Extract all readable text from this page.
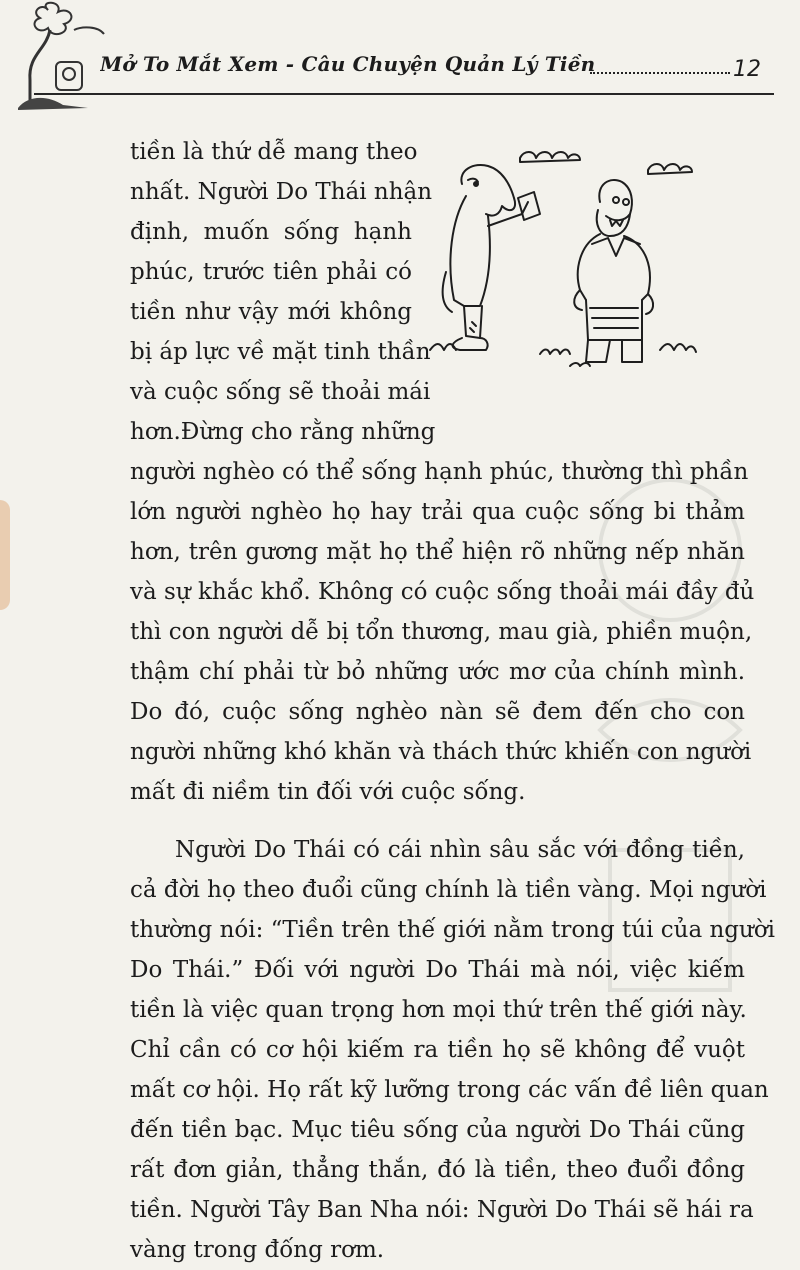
Mở To Mắt Xem - Câu Chuyện Quản Lý Tiền	12
tiền là thứ dễ mang theo
nhất. Người Do Thái nhận
định, muốn sống hạnh
phúc, trước tiên phải có
tiền như vậy mới không
bị áp lực về mặt tinh thần
và cuộc sống sẽ thoải mái
hơn.Đừng cho rằng những
người nghèo có thể sống hạnh phúc, thường thì phần
lớn người nghèo họ hay trải qua cuộc sống bi thảm
hơn, trên gương mặt họ thể hiện rõ những nếp nhăn
và sự khắc khổ. Không có cuộc sống thoải mái đầy đủ
thì con người dễ bị tổn thương, mau già, phiền muộn,
thậm chí phải từ bỏ những ước mơ của chính mình.
Do đó, cuộc sống nghèo nàn sẽ đem đến cho con
người những khó khăn và thách thức khiến con người
mất đi niềm tin đối với cuộc sống.
Người Do Thái có cái nhìn sâu sắc với đồng tiền,
cả đời họ theo đuổi cũng chính là tiền vàng. Mọi người
thường nói: “Tiền trên thế giới nằm trong túi của người
Do Thái.” Đối với người Do Thái mà nói, việc kiếm
tiền là việc quan trọng hơn mọi thứ trên thế giới này.
Chỉ cần có cơ hội kiếm ra tiền họ sẽ không để vuột
mất cơ hội. Họ rất kỹ lưỡng trong các vấn đề liên quan
đến tiền bạc. Mục tiêu sống của người Do Thái cũng
rất đơn giản, thẳng thắn, đó là tiền, theo đuổi đồng
tiền. Người Tây Ban Nha nói: Người Do Thái sẽ hái ra
vàng trong đống rơm.
